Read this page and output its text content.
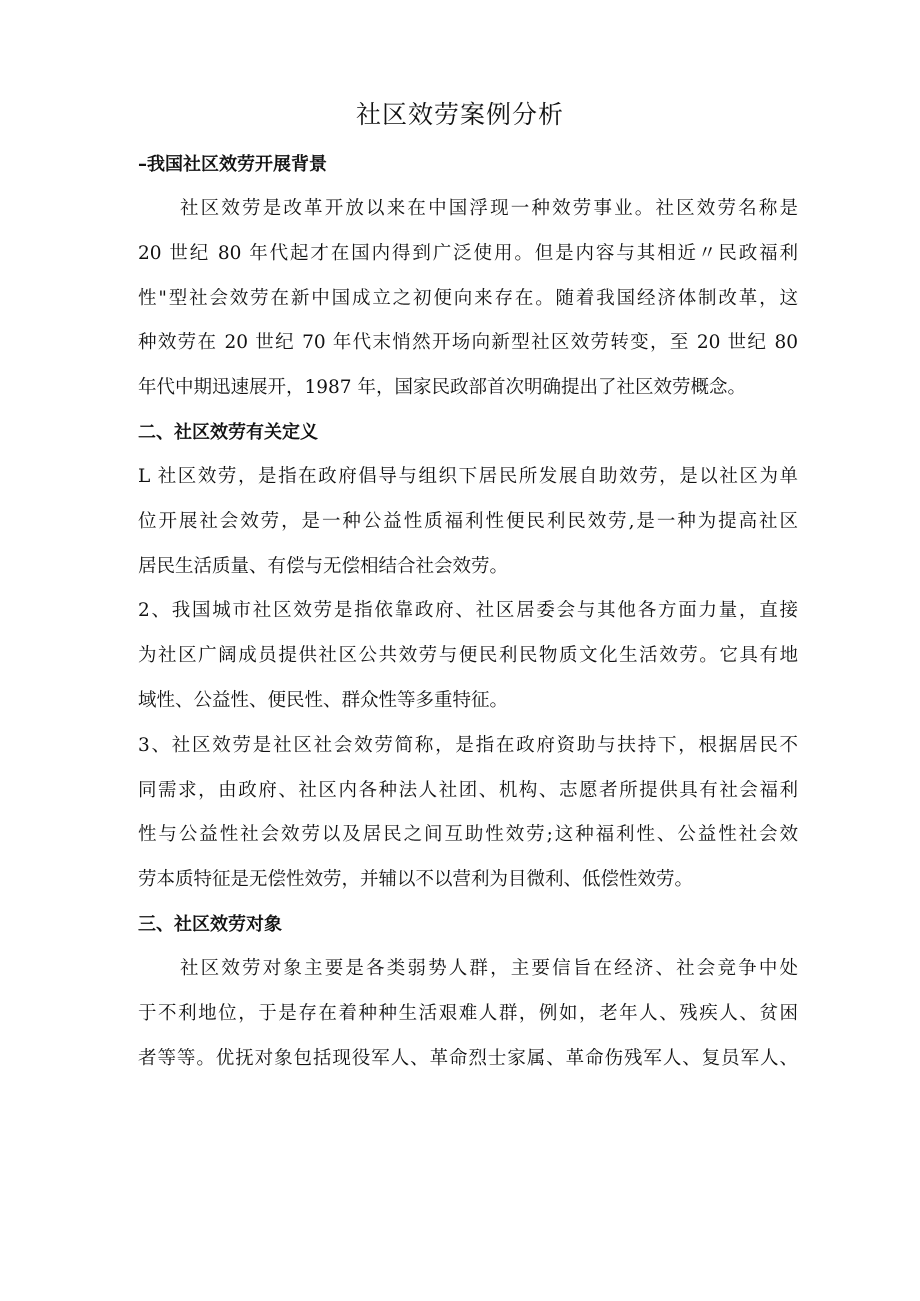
社区效劳案例分析
–我国社区效劳开展背景

社区效劳是改革开放以来在中国浮现一种效劳事业。社区效劳名称是
20 世纪 80 年代起才在国内得到广泛使用。但是内容与其相近〃民政福利
性"型社会效劳在新中国成立之初便向来存在。随着我国经济体制改革，这
种效劳在 20 世纪 70 年代末悄然开场向新型社区效劳转变，至 20 世纪 80
年代中期迅速展开，1987 年，国家民政部首次明确提出了社区效劳概念。

二、社区效劳有关定义

L 社区效劳，是指在政府倡导与组织下居民所发展自助效劳，是以社区为单
位开展社会效劳，是一种公益性质福利性便民利民效劳,是一种为提高社区
居民生活质量、有偿与无偿相结合社会效劳。

2、我国城市社区效劳是指依靠政府、社区居委会与其他各方面力量，直接
为社区广阔成员提供社区公共效劳与便民利民物质文化生活效劳。它具有地
域性、公益性、便民性、群众性等多重特征。

3、社区效劳是社区社会效劳简称，是指在政府资助与扶持下，根据居民不
同需求，由政府、社区内各种法人社团、机构、志愿者所提供具有社会福利
性与公益性社会效劳以及居民之间互助性效劳;这种福利性、公益性社会效
劳本质特征是无偿性效劳，并辅以不以营利为目微利、低偿性效劳。

三、社区效劳对象

社区效劳对象主要是各类弱势人群，主要信旨在经济、社会竞争中处
于不利地位，于是存在着种种生活艰难人群，例如，老年人、残疾人、贫困
者等等。优抚对象包括现役军人、革命烈士家属、革命伤残军人、复员军人、
